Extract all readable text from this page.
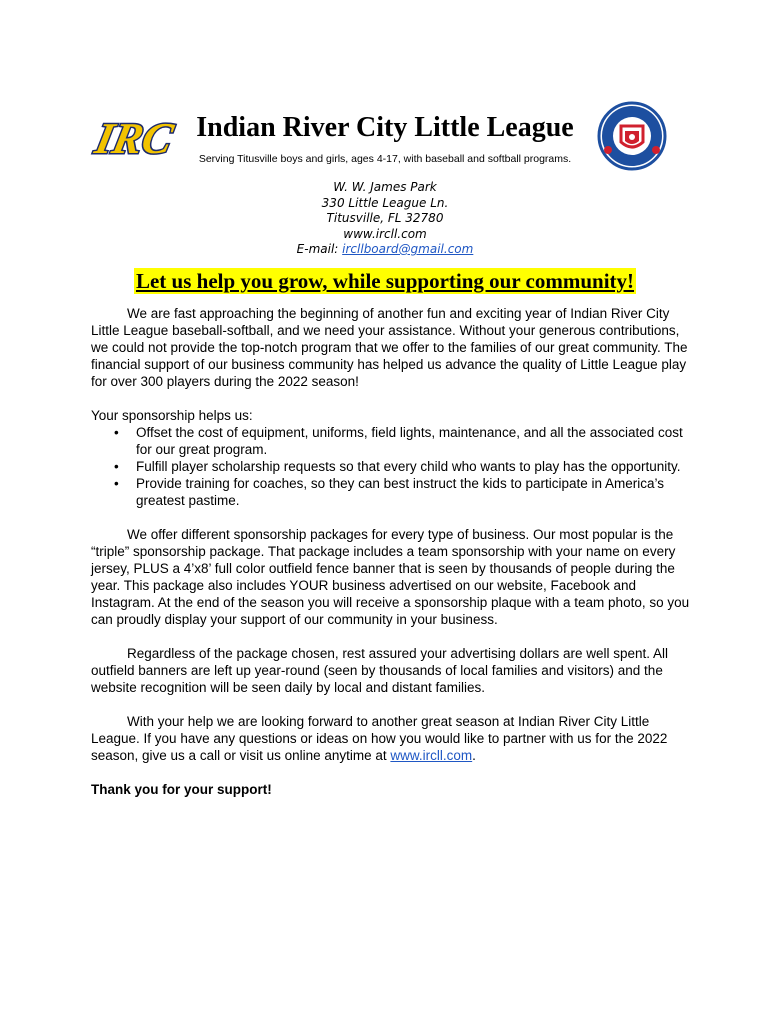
IRC Indian River City Little League
Serving Titusville boys and girls, ages 4-17, with baseball and softball programs.
W. W. James Park
330 Little League Ln.
Titusville, FL 32780
www.ircll.com
E-mail: ircllboard@gmail.com
Let us help you grow, while supporting our community!

We are fast approaching the beginning of another fun and exciting year of Indian River City Little League baseball-softball, and we need your assistance. Without your generous contributions, we could not provide the top-notch program that we offer to the families of our great community. The financial support of our business community has helped us advance the quality of Little League play for over 300 players during the 2022 season!

Your sponsorship helps us:

• Offset the cost of equipment, uniforms, field lights, maintenance, and all the associated cost for our great program.
• Fulfill player scholarship requests so that every child who wants to play has the opportunity.
• Provide training for coaches, so they can best instruct the kids to participate in America’s greatest pastime.

We offer different sponsorship packages for every type of business. Our most popular is the “triple” sponsorship package. That package includes a team sponsorship with your name on every jersey, PLUS a 4’x8’ full color outfield fence banner that is seen by thousands of people during the year. This package also includes YOUR business advertised on our website, Facebook and Instagram. At the end of the season you will receive a sponsorship plaque with a team photo, so you can proudly display your support of our community in your business.

Regardless of the package chosen, rest assured your advertising dollars are well spent. All outfield banners are left up year-round (seen by thousands of local families and visitors) and the website recognition will be seen daily by local and distant families.

With your help we are looking forward to another great season at Indian River City Little League. If you have any questions or ideas on how you would like to partner with us for the 2022 season, give us a call or visit us online anytime at www.ircll.com.

Thank you for your support!
